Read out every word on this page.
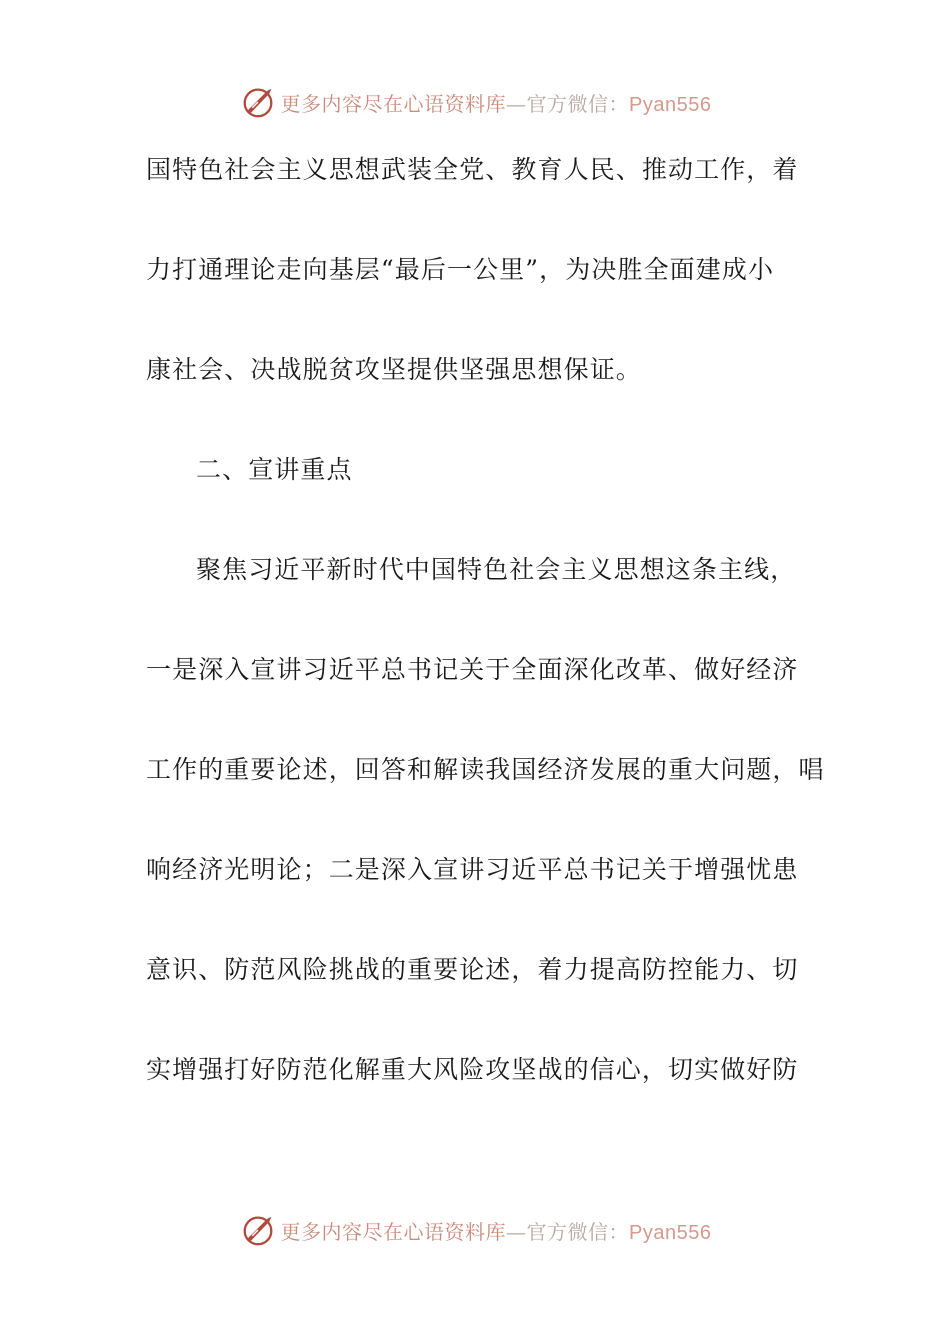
更多内容尽在心语资料库—官方微信：Pyan556
国特色社会主义思想武装全党、教育人民、推动工作，着
力打通理论走向基层“最后一公里”，为决胜全面建成小
康社会、决战脱贫攻坚提供坚强思想保证。
二、宣讲重点
聚焦习近平新时代中国特色社会主义思想这条主线，
一是深入宣讲习近平总书记关于全面深化改革、做好经济
工作的重要论述，回答和解读我国经济发展的重大问题，唱
响经济光明论；二是深入宣讲习近平总书记关于增强忧患
意识、防范风险挑战的重要论述，着力提高防控能力、切
实增强打好防范化解重大风险攻坚战的信心，切实做好防
更多内容尽在心语资料库—官方微信：Pyan556
